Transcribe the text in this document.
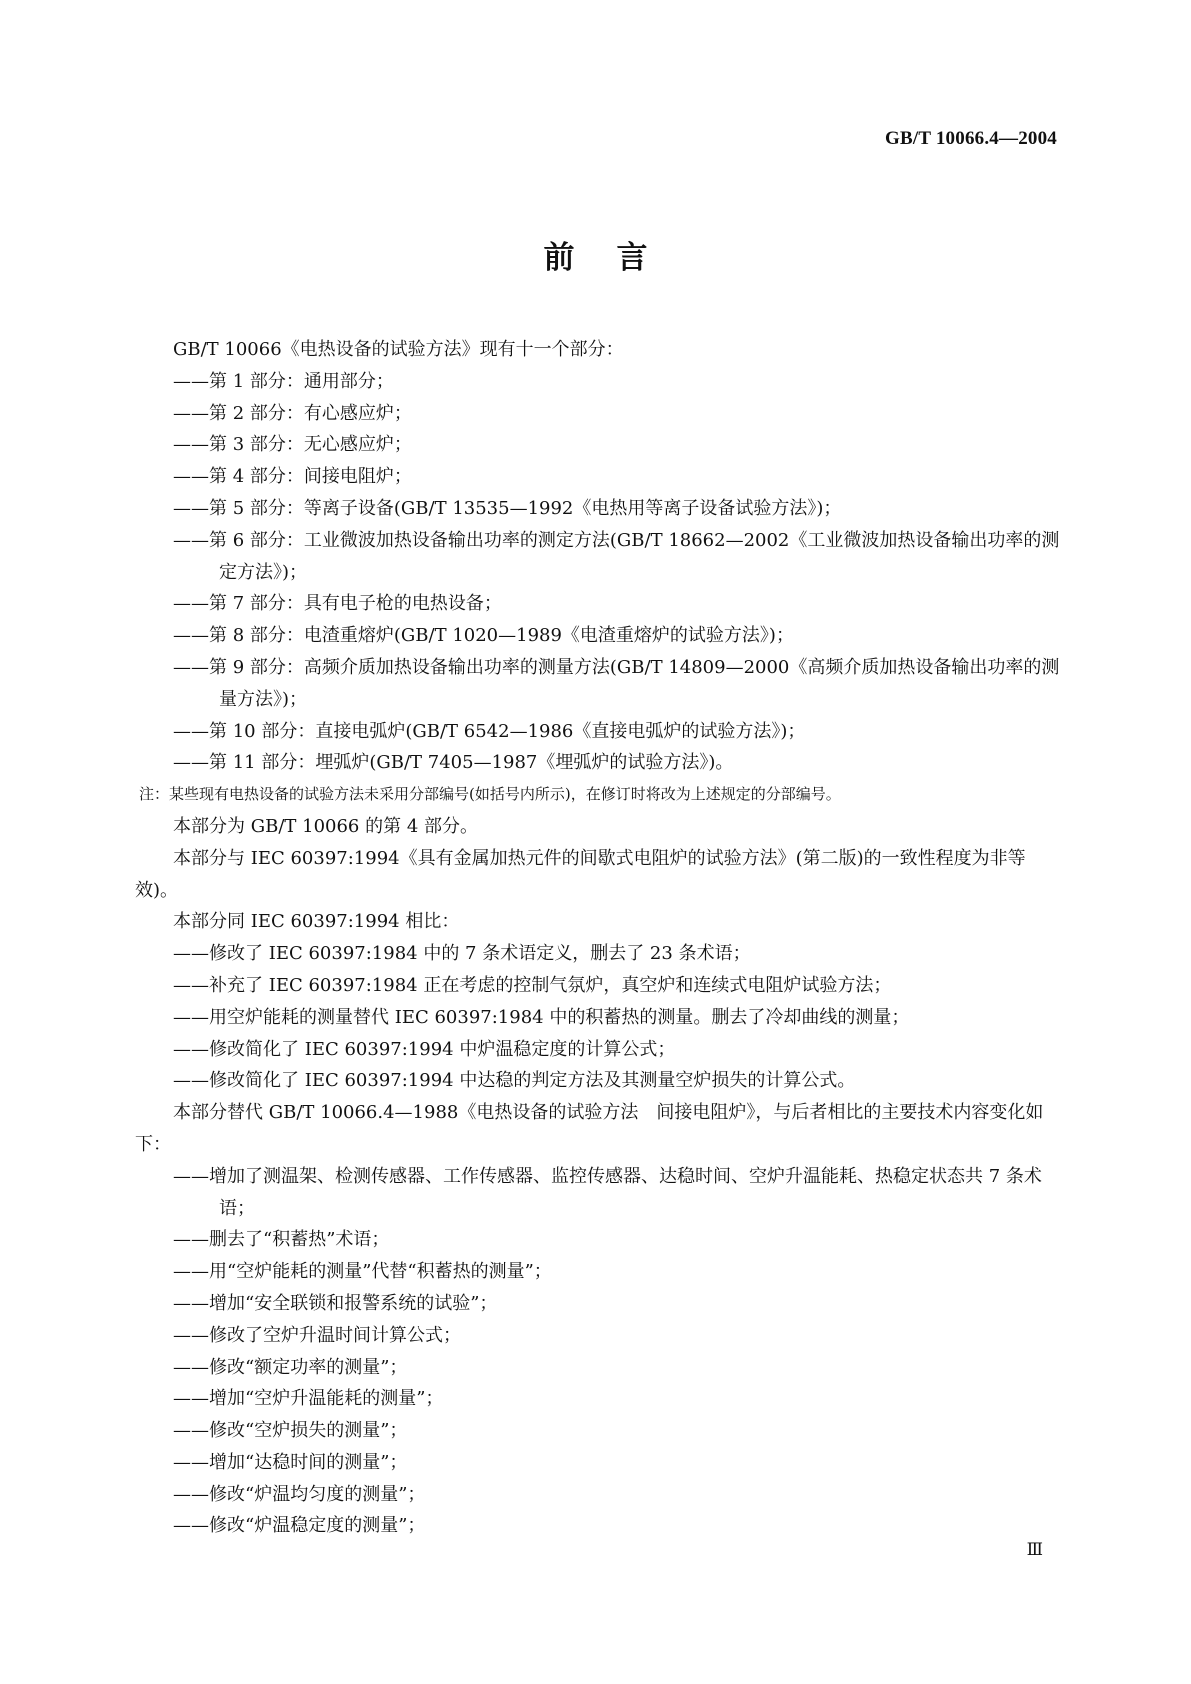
GB/T 10066.4—2004
前言

GB/T 10066《电热设备的试验方法》现有十一个部分：

——第 1 部分：通用部分；

——第 2 部分：有心感应炉；

——第 3 部分：无心感应炉；

——第 4 部分：间接电阻炉；

——第 5 部分：等离子设备(GB/T 13535—1992《电热用等离子设备试验方法》)；

——第 6 部分：工业微波加热设备输出功率的测定方法(GB/T 18662—2002《工业微波加热设备输出功率的测定方法》)；

——第 7 部分：具有电子枪的电热设备；

——第 8 部分：电渣重熔炉(GB/T 1020—1989《电渣重熔炉的试验方法》)；

——第 9 部分：高频介质加热设备输出功率的测量方法(GB/T 14809—2000《高频介质加热设备输出功率的测量方法》)；

——第 10 部分：直接电弧炉(GB/T 6542—1986《直接电弧炉的试验方法》)；

——第 11 部分：埋弧炉(GB/T 7405—1987《埋弧炉的试验方法》)。

注：某些现有电热设备的试验方法未采用分部编号(如括号内所示)，在修订时将改为上述规定的分部编号。

本部分为 GB/T 10066 的第 4 部分。

本部分与 IEC 60397:1994《具有金属加热元件的间歇式电阻炉的试验方法》(第二版)的一致性程度为非等效)。

本部分同 IEC 60397:1994 相比：

——修改了 IEC 60397:1984 中的 7 条术语定义，删去了 23 条术语；

——补充了 IEC 60397:1984 正在考虑的控制气氛炉，真空炉和连续式电阻炉试验方法；

——用空炉能耗的测量替代 IEC 60397:1984 中的积蓄热的测量。删去了冷却曲线的测量；

——修改简化了 IEC 60397:1994 中炉温稳定度的计算公式；

——修改简化了 IEC 60397:1994 中达稳的判定方法及其测量空炉损失的计算公式。

本部分替代 GB/T 10066.4—1988《电热设备的试验方法　间接电阻炉》，与后者相比的主要技术内容变化如下：

——增加了测温架、检测传感器、工作传感器、监控传感器、达稳时间、空炉升温能耗、热稳定状态共 7 条术语；

——删去了“积蓄热”术语；

——用“空炉能耗的测量”代替“积蓄热的测量”；

——增加“安全联锁和报警系统的试验”；

——修改了空炉升温时间计算公式；

——修改“额定功率的测量”；

——增加“空炉升温能耗的测量”；

——修改“空炉损失的测量”；

——增加“达稳时间的测量”；

——修改“炉温均匀度的测量”；

——修改“炉温稳定度的测量”；

Ⅲ
